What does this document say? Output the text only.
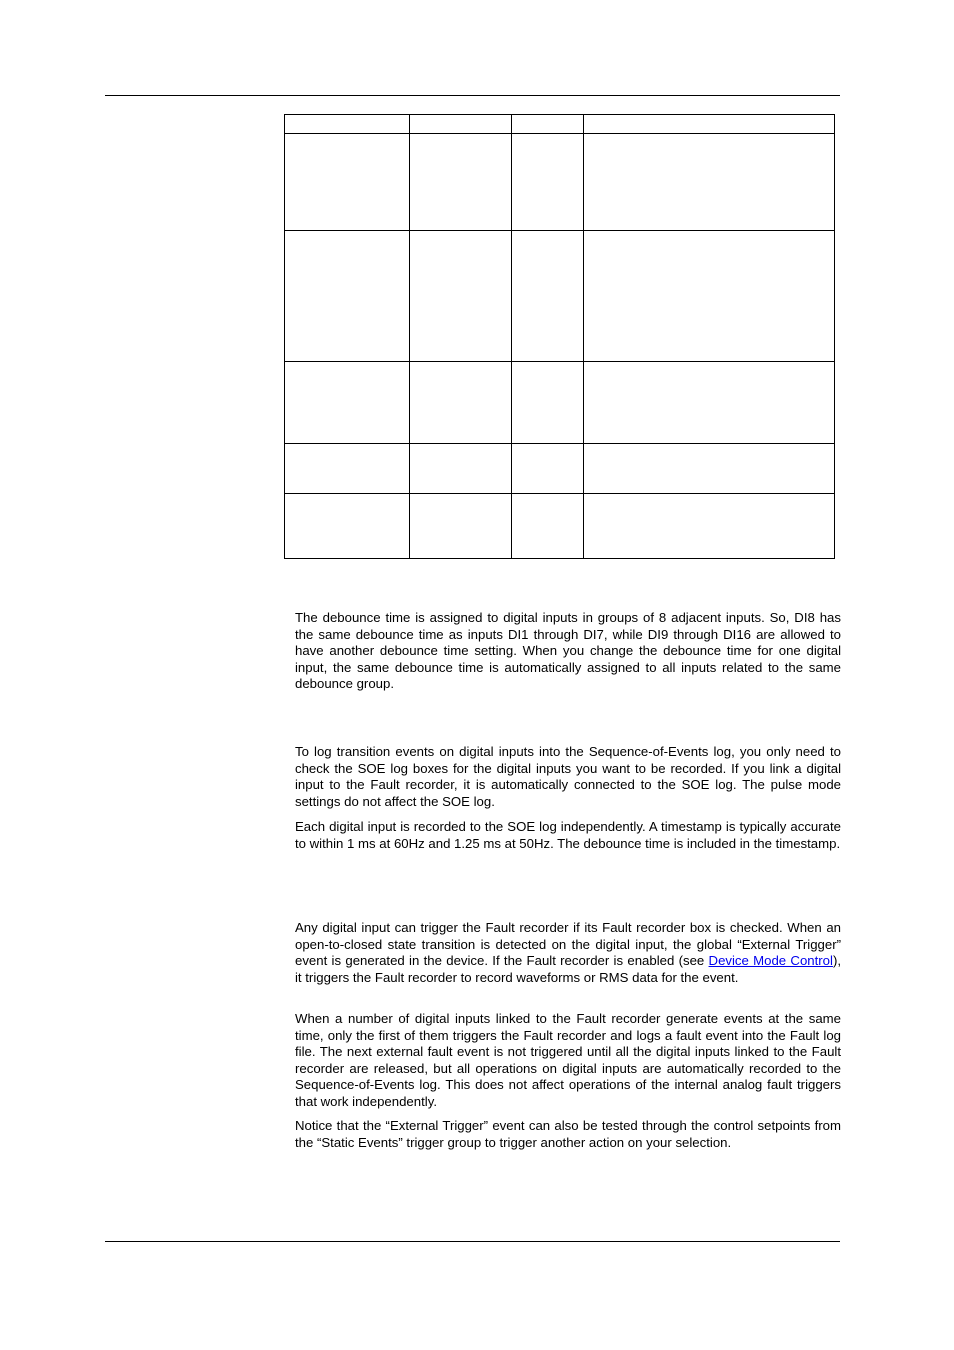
The debounce time is assigned to digital inputs in groups of 8 adjacent inputs. So, DI8 has the same debounce time as inputs DI1 through DI7, while DI9 through DI16 are allowed to have another debounce time setting. When you change the debounce time for one digital input, the same debounce time is automatically assigned to all inputs related to the same debounce group.

To log transition events on digital inputs into the Sequence-of-Events log, you only need to check the SOE log boxes for the digital inputs you want to be recorded. If you link a digital input to the Fault recorder, it is automatically connected to the SOE log. The pulse mode settings do not affect the SOE log.

Each digital input is recorded to the SOE log independently. A timestamp is typically accurate to within 1 ms at 60Hz and 1.25 ms at 50Hz. The debounce time is included in the timestamp.

Any digital input can trigger the Fault recorder if its Fault recorder box is checked. When an open-to-closed state transition is detected on the digital input, the global “External Trigger” event is generated in the device. If the Fault recorder is enabled (see Device Mode Control), it triggers the Fault recorder to record waveforms or RMS data for the event.

When a number of digital inputs linked to the Fault recorder generate events at the same time, only the first of them triggers the Fault recorder and logs a fault event into the Fault log file. The next external fault event is not triggered until all the digital inputs linked to the Fault recorder are released, but all operations on digital inputs are automatically recorded to the Sequence-of-Events log. This does not affect operations of the internal analog fault triggers that work independently.

Notice that the “External Trigger” event can also be tested through the control setpoints from the “Static Events” trigger group to trigger another action on your selection.
